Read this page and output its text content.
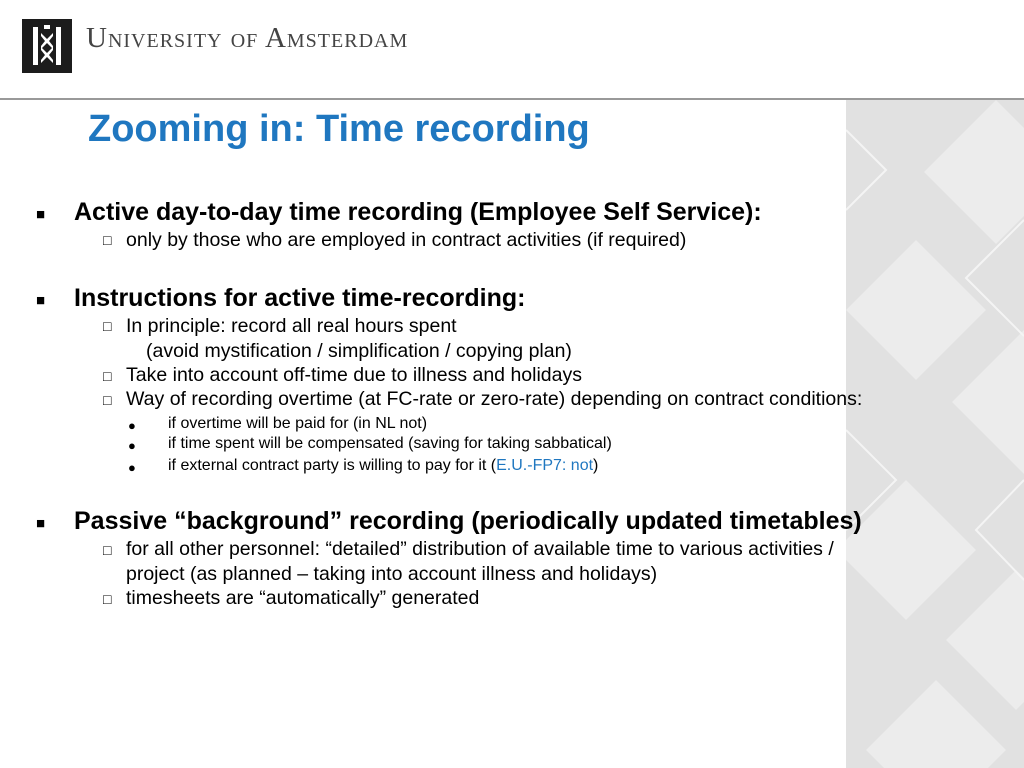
University of Amsterdam
Zooming in: Time recording
■ Active day-to-day time recording (Employee Self Service):
□ only by those who are employed in contract activities (if required)
■ Instructions for active time-recording:
□ In principle: record all real hours spent
(avoid mystification / simplification / copying plan)
□ Take into account off-time due to illness and holidays
□ Way of recording overtime (at FC-rate or zero-rate) depending on contract conditions:
● if overtime will be paid for (in NL not)
● if time spent will be compensated (saving for taking sabbatical)
● if external contract party is willing to pay for it (E.U.-FP7: not)
■ Passive “background” recording (periodically updated timetables)
□ for all other personnel: “detailed” distribution of available time to various activities /
project (as planned – taking into account illness and holidays)
□ timesheets are “automatically” generated
